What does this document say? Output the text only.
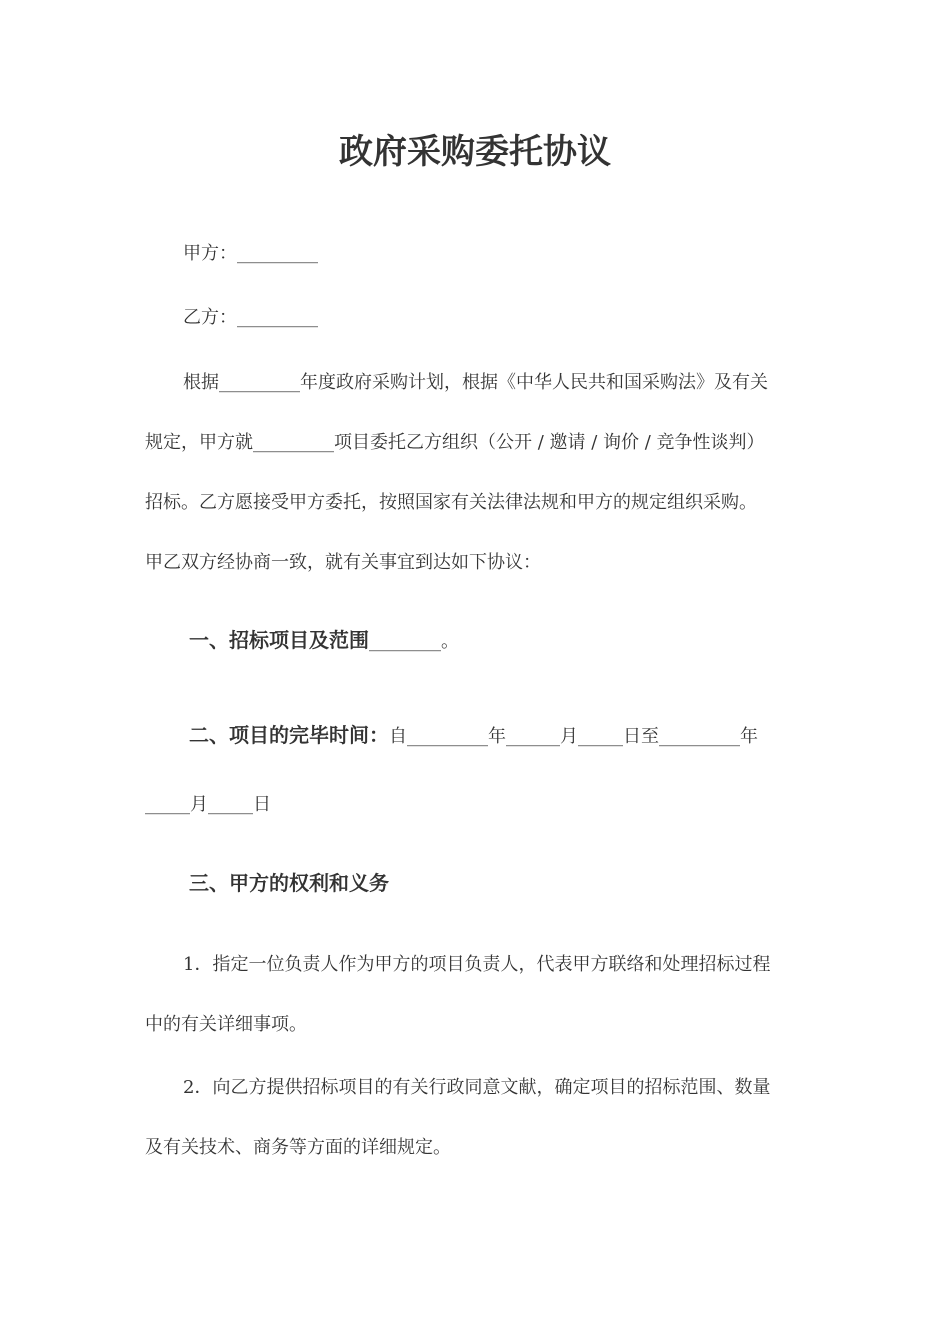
政府采购委托协议

甲方：_________

乙方：_________

根据_________年度政府采购计划，根据《中华人民共和国采购法》及有关

规定，甲方就_________项目委托乙方组织（公开 / 邀请 / 询价 / 竞争性谈判）

招标。乙方愿接受甲方委托，按照国家有关法律法规和甲方的规定组织采购。

甲乙双方经协商一致，就有关事宜到达如下协议：

一、招标项目及范围________。

二、项目的完毕时间：自_________年______月_____日至_________年

_____月_____日

三、甲方的权利和义务

1．指定一位负责人作为甲方的项目负责人，代表甲方联络和处理招标过程

中的有关详细事项。

2．向乙方提供招标项目的有关行政同意文献，确定项目的招标范围、数量

及有关技术、商务等方面的详细规定。
